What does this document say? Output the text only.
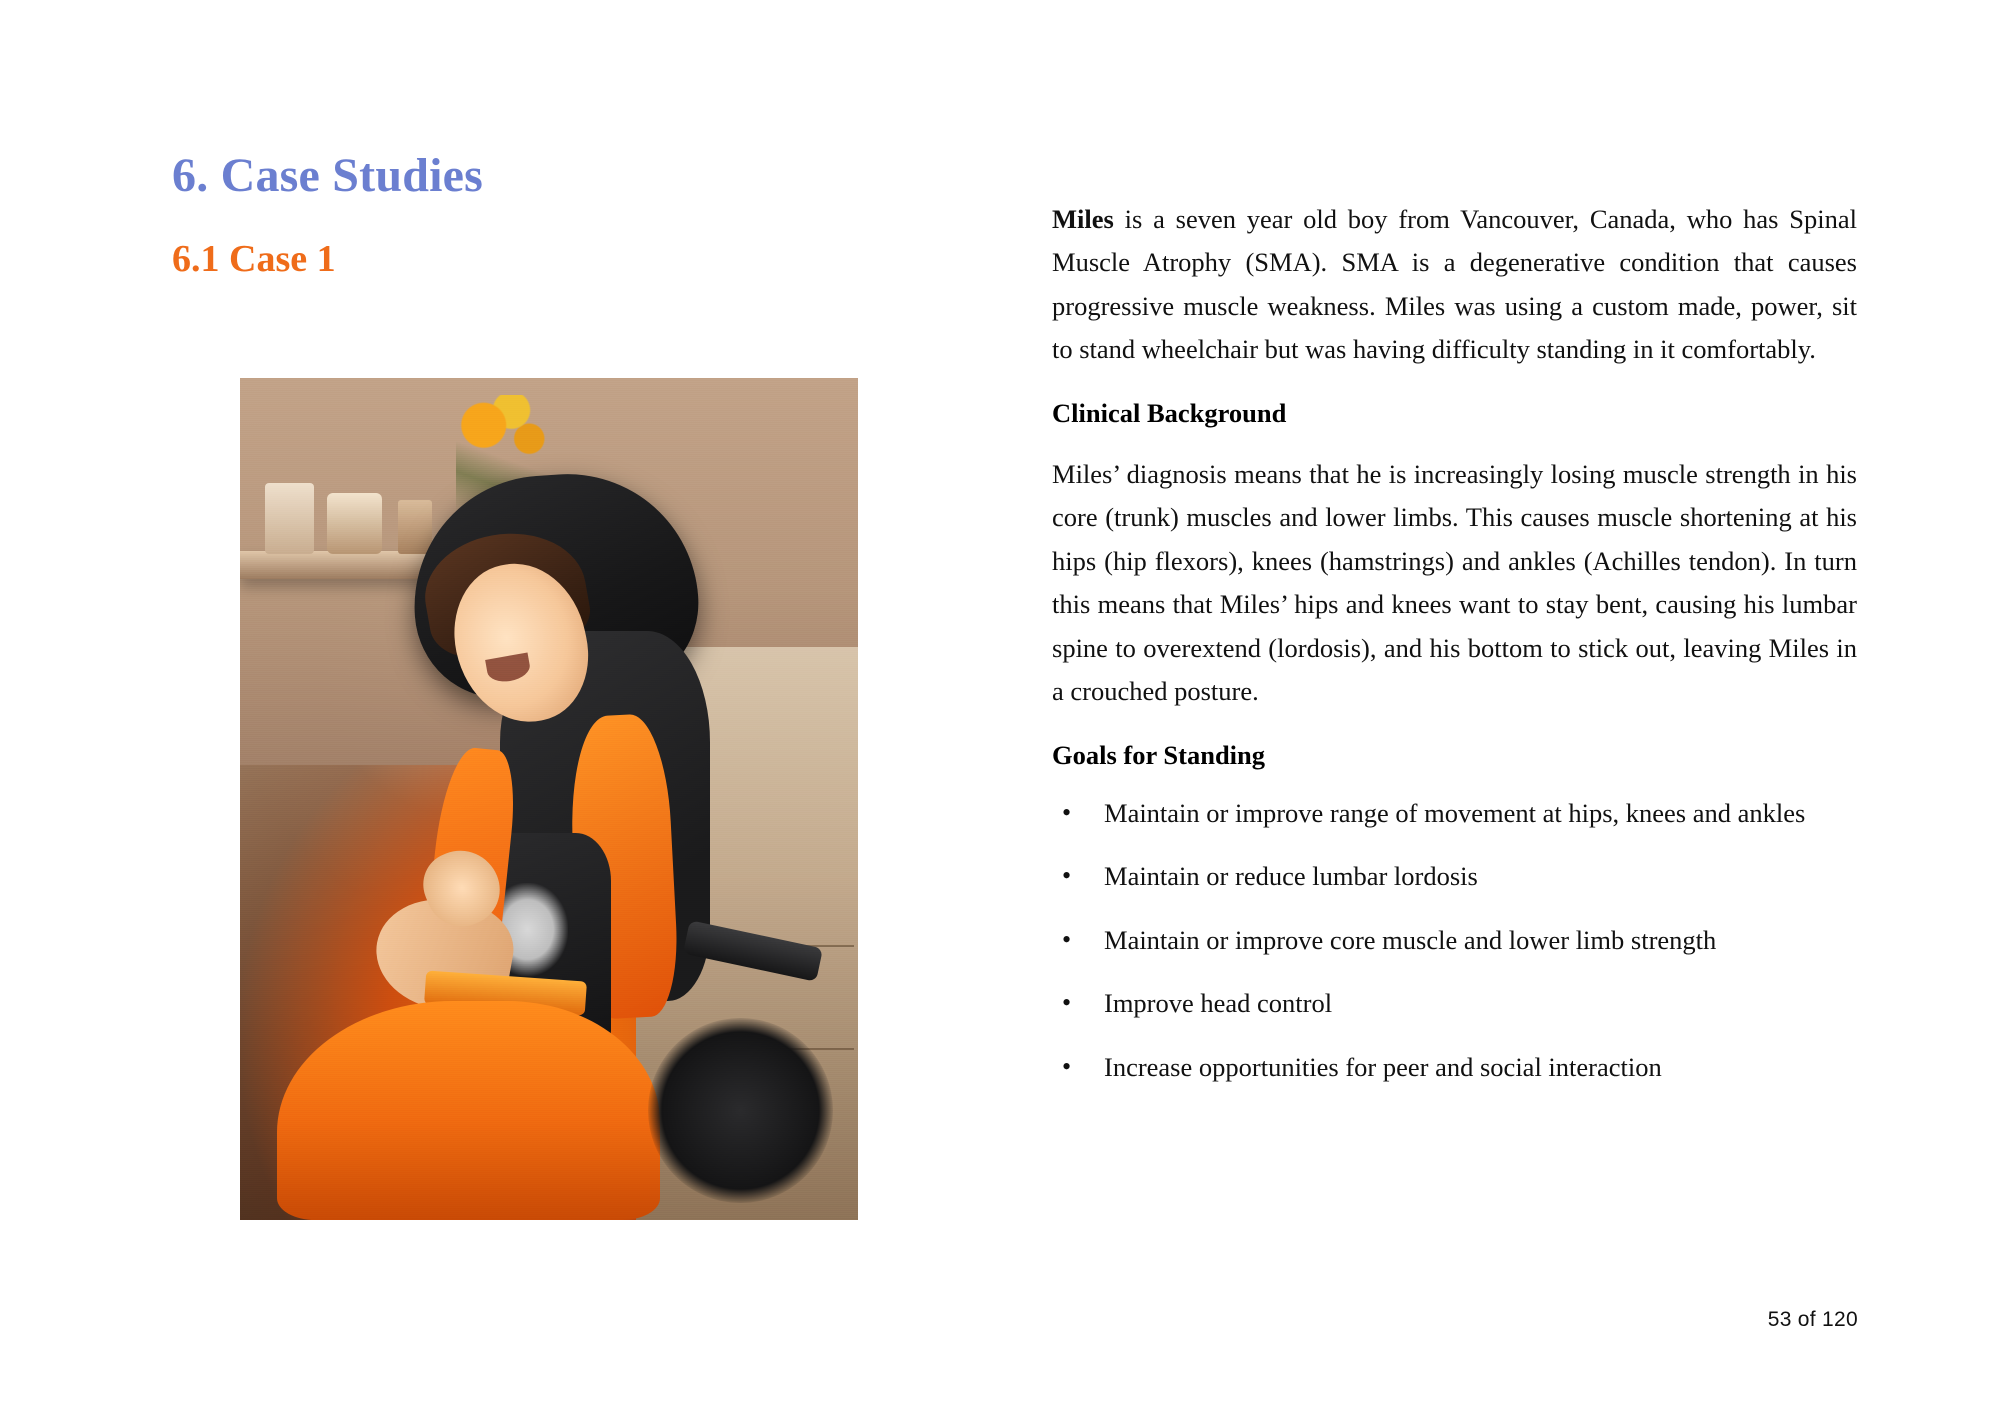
6. Case Studies
6.1 Case 1

Miles is a seven year old boy from Vancouver, Canada, who has Spinal Muscle Atrophy (SMA). SMA is a degenerative condition that causes progressive muscle weakness. Miles was using a custom made, power, sit to stand wheelchair but was having difficulty standing in it comfortably.

Clinical Background

Miles’ diagnosis means that he is increasingly losing muscle strength in his core (trunk) muscles and lower limbs. This causes muscle shortening at his hips (hip flexors), knees (hamstrings) and ankles (Achilles tendon). In turn this means that Miles’ hips and knees want to stay bent, causing his lumbar spine to overextend (lordosis), and his bottom to stick out, leaving Miles in a crouched posture.

Goals for Standing

• Maintain or improve range of movement at hips, knees and ankles
• Maintain or reduce lumbar lordosis
• Maintain or improve core muscle and lower limb strength
• Improve head control
• Increase opportunities for peer and social interaction
53 of 120
